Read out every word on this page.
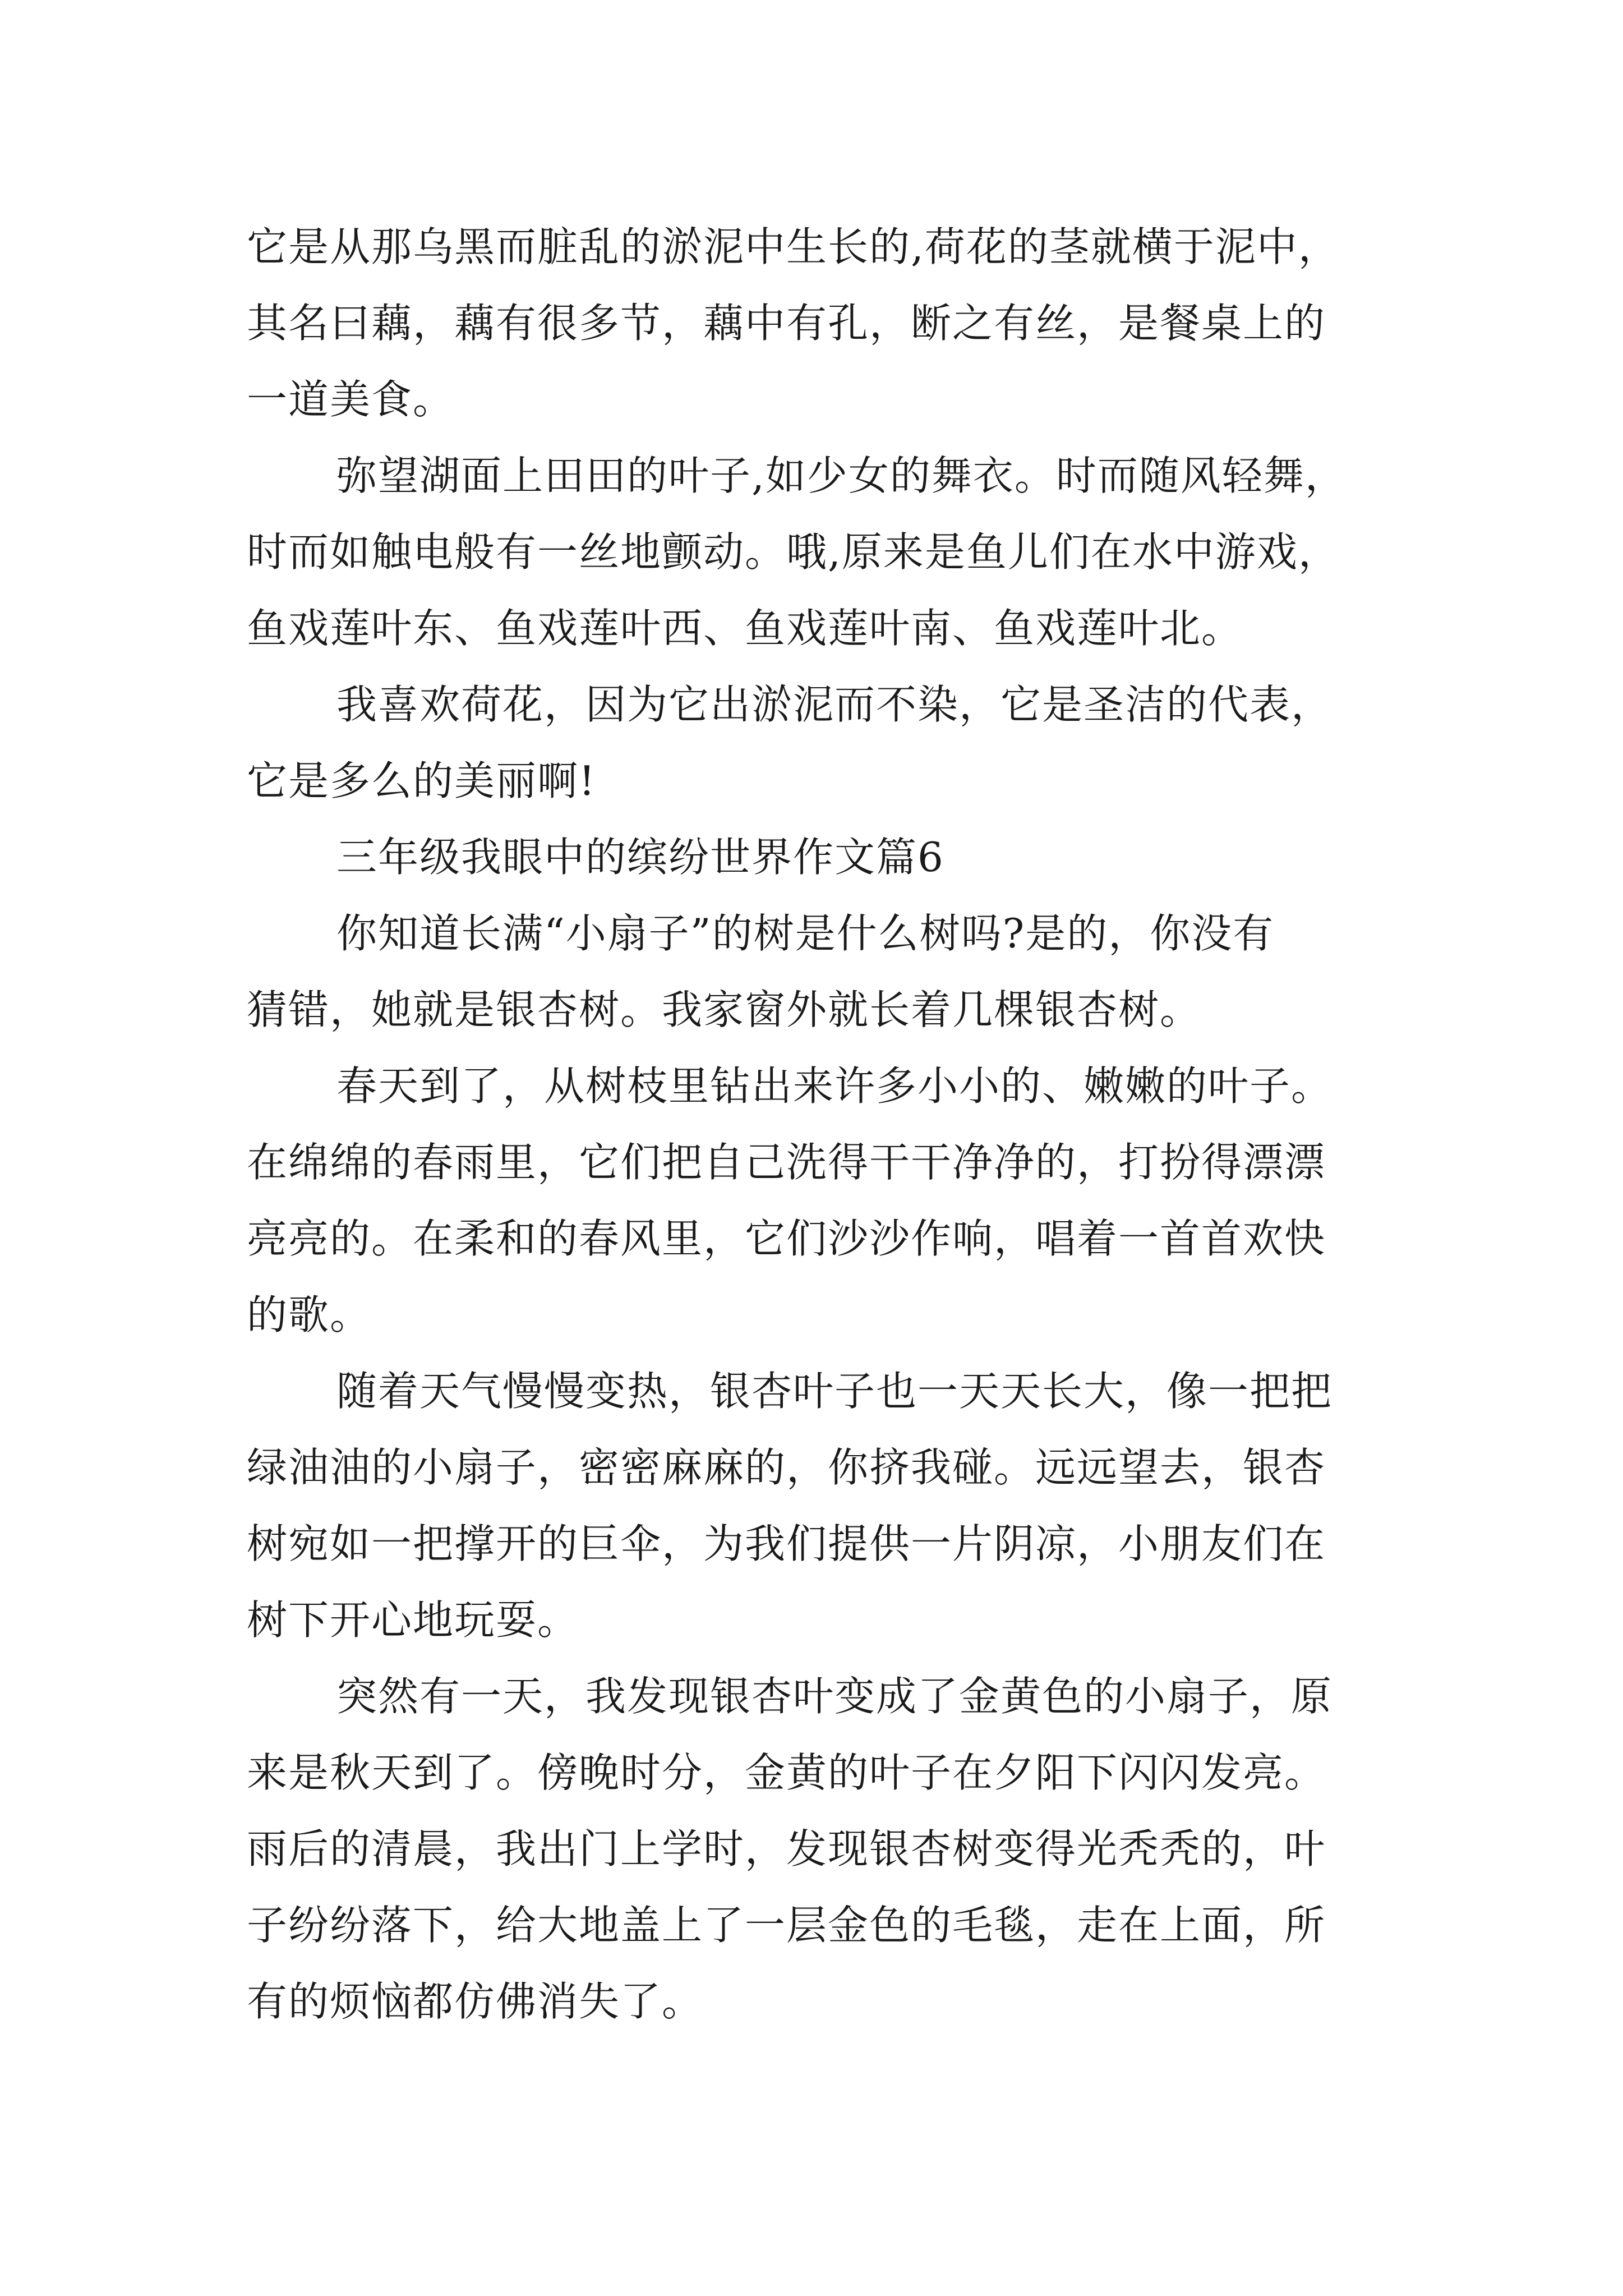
它是从那乌黑而脏乱的淤泥中生长的,荷花的茎就横于泥中，
其名曰藕，藕有很多节，藕中有孔，断之有丝，是餐桌上的
一道美食。
弥望湖面上田田的叶子,如少女的舞衣。时而随风轻舞，
时而如触电般有一丝地颤动。哦,原来是鱼儿们在水中游戏，
鱼戏莲叶东、鱼戏莲叶西、鱼戏莲叶南、鱼戏莲叶北。
我喜欢荷花，因为它出淤泥而不染，它是圣洁的代表，
它是多么的美丽啊!
三年级我眼中的缤纷世界作文篇6
你知道长满“小扇子”的树是什么树吗?是的，你没有
猜错，她就是银杏树。我家窗外就长着几棵银杏树。
春天到了，从树枝里钻出来许多小小的、嫩嫩的叶子。
在绵绵的春雨里，它们把自己洗得干干净净的，打扮得漂漂
亮亮的。在柔和的春风里，它们沙沙作响，唱着一首首欢快
的歌。
随着天气慢慢变热，银杏叶子也一天天长大，像一把把
绿油油的小扇子，密密麻麻的，你挤我碰。远远望去，银杏
树宛如一把撑开的巨伞，为我们提供一片阴凉，小朋友们在
树下开心地玩耍。
突然有一天，我发现银杏叶变成了金黄色的小扇子，原
来是秋天到了。傍晚时分，金黄的叶子在夕阳下闪闪发亮。
雨后的清晨，我出门上学时，发现银杏树变得光秃秃的，叶
子纷纷落下，给大地盖上了一层金色的毛毯，走在上面，所
有的烦恼都仿佛消失了。
